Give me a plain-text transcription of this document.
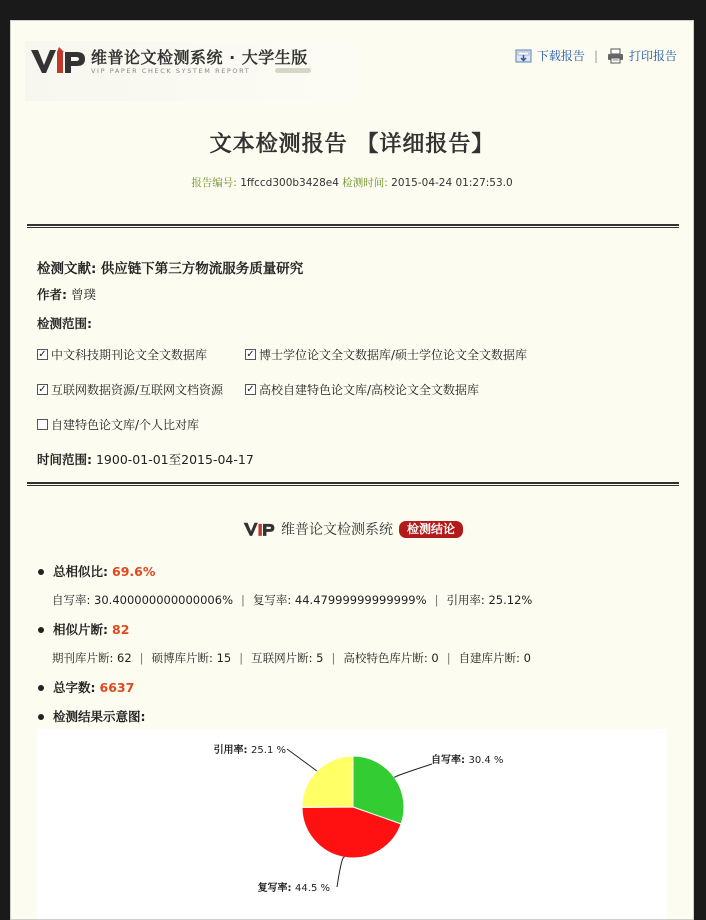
维普论文检测系统 · 大学生版
VIP PAPER CHECK SYSTEM REPORT
下载报告 |	打印报告
文本检测报告 【详细报告】
报告编号: 1ffccd300b3428e4 检测时间: 2015-04-24 01:27:53.0
检测文献: 供应链下第三方物流服务质量研究
作者: 曾璞
检测范围:
✓ 中文科技期刊论文全文数据库	✓ 博士学位论文全文数据库/硕士学位论文全文数据库
✓ 互联网数据资源/互联网文档资源 ✓ 高校自建特色论文库/高校论文全文数据库
自建特色论文库/个人比对库
时间范围: 1900-01-01至2015-04-17
维普论文检测系统	检测结论
总相似比: 69.6%
自写率: 30.400000000000006% | 复写率: 44.47999999999999% | 引用率: 25.12%
相似片断: 82
期刊库片断: 62 | 硕博库片断: 15 | 互联网片断: 5 | 高校特色库片断: 0 | 自建库片断: 0
总字数: 6637
检测结果示意图:
自写率: 30.4 %
复写率: 44.5 %
引用率: 25.1 %
